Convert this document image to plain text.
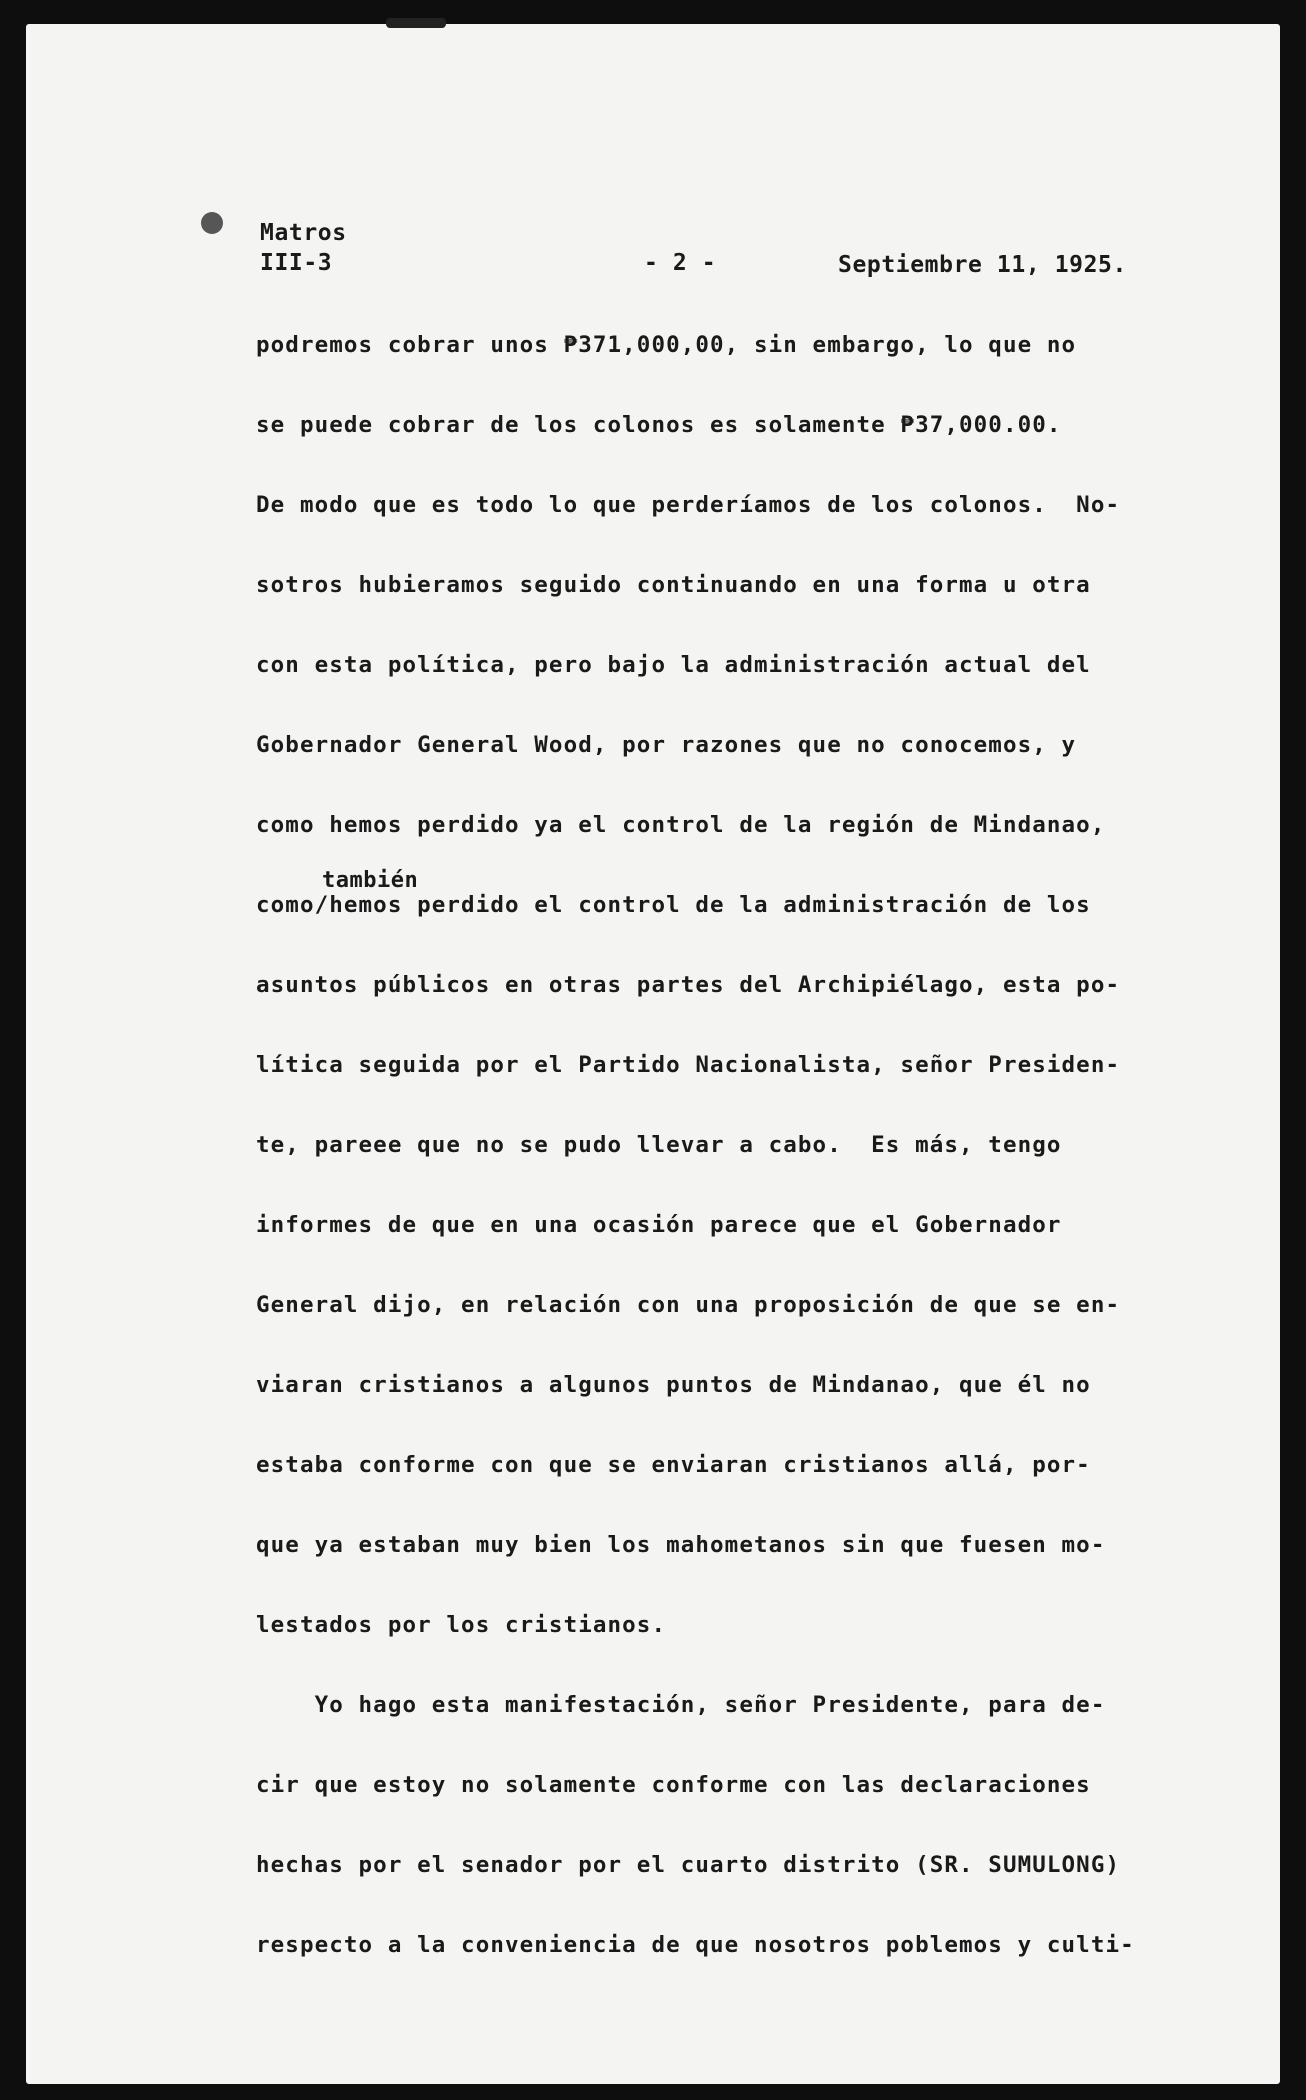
Matros
III-3	- 2 -	Septiembre 11, 1925.
también
podremos cobrar unos ₱371,000,00, sin embargo, lo que no
se puede cobrar de los colonos es solamente ₱37,000.00.
De modo que es todo lo que perderíamos de los colonos.  No-
sotros hubieramos seguido continuando en una forma u otra
con esta política, pero bajo la administración actual del
Gobernador General Wood, por razones que no conocemos, y
como hemos perdido ya el control de la región de Mindanao,
como/hemos perdido el control de la administración de los
asuntos públicos en otras partes del Archipiélago, esta po-
lítica seguida por el Partido Nacionalista, señor Presiden-
te, pareee que no se pudo llevar a cabo.  Es más, tengo
informes de que en una ocasión parece que el Gobernador
General dijo, en relación con una proposición de que se en-
viaran cristianos a algunos puntos de Mindanao, que él no
estaba conforme con que se enviaran cristianos allá, por-
que ya estaban muy bien los mahometanos sin que fuesen mo-
lestados por los cristianos.
Yo hago esta manifestación, señor Presidente, para de-
cir que estoy no solamente conforme con las declaraciones
hechas por el senador por el cuarto distrito (SR. SUMULONG)
respecto a la conveniencia de que nosotros poblemos y culti-
